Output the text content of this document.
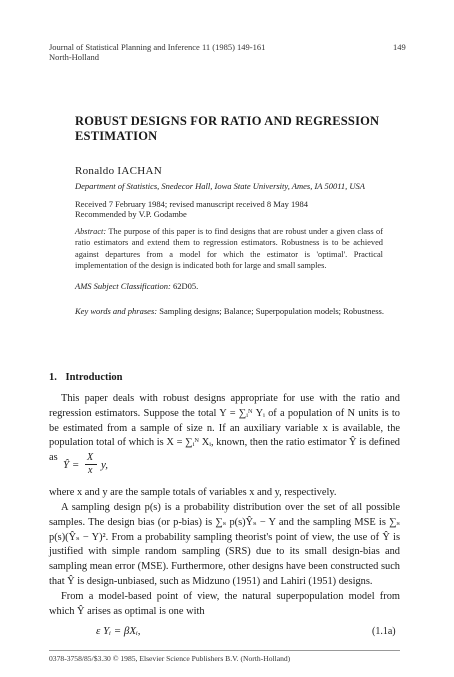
Journal of Statistical Planning and Inference 11 (1985) 149-161
North-Holland
149
ROBUST DESIGNS FOR RATIO AND REGRESSION
ESTIMATION
Ronaldo IACHAN
Department of Statistics, Snedecor Hall, Iowa State University, Ames, IA 50011, USA
Received 7 February 1984; revised manuscript received 8 May 1984
Recommended by V.P. Godambe
Abstract: The purpose of this paper is to find designs that are robust under a given class of ratio estimators and extend them to regression estimators. Robustness is to be achieved against departures from a model for which the estimator is 'optimal'. Practical implementation of the design is indicated both for large and small samples.
AMS Subject Classification: 62D05.
Key words and phrases: Sampling designs; Balance; Superpopulation models; Robustness.
1. Introduction

This paper deals with robust designs appropriate for use with the ratio and regression estimators. Suppose the total Y = ∑ᵢᴺ Yᵢ of a population of N units is to be estimated from a sample of size n. If an auxiliary variable x is available, the population total of which is X = ∑ᵢᴺ Xᵢ, known, then the ratio estimator Ŷ is defined as

Ŷ =
X
x y,

where x and y are the sample totals of variables x and y, respectively.

A sampling design p(s) is a probability distribution over the set of all possible samples. The design bias (or p-bias) is ∑ₛ p(s)Ŷₛ − Y and the sampling MSE is ∑ₛ p(s)(Ŷₛ − Y)². From a probability sampling theorist's point of view, the use of Ŷ is justified with simple random sampling (SRS) due to its small design-bias and sampling mean error (MSE). Furthermore, other designs have been constructed such that Ŷ is design-unbiased, such as Midzuno (1951) and Lahiri (1951) designs.

From a model-based point of view, the natural superpopulation model from which Ŷ arises as optimal is one with

ε Yᵢ = βXᵢ,	(1.1a)
0378-3758/85/$3.30 © 1985, Elsevier Science Publishers B.V. (North-Holland)
